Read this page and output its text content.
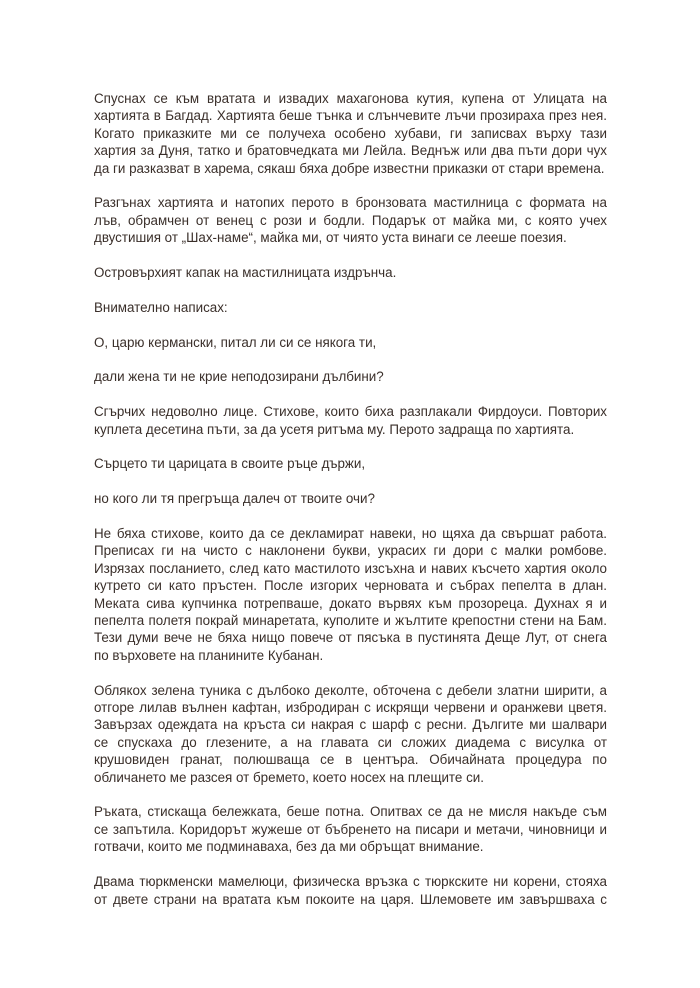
Спуснах се към вратата и извадих махагонова кутия, купена от Улицата на
хартията в Багдад. Хартията беше тънка и слънчевите лъчи прозираха през нея.
Когато приказките ми се получеха особено хубави, ги записвах върху тази
хартия за Дуня, татко и братовчедката ми Лейла. Веднъж или два пъти дори чух
да ги разказват в харема, сякаш бяха добре известни приказки от стари времена.

Разгънах хартията и натопих перото в бронзовата мастилница с формата на
лъв, обрамчен от венец с рози и бодли. Подарък от майка ми, с която учех
двустишия от „Шах-наме“, майка ми, от чиято уста винаги се лееше поезия.

Островърхият капак на мастилницата издрънча.

Внимателно написах:

О, царю кермански, питал ли си се някога ти,

дали жена ти не крие неподозирани дълбини?

Сгърчих недоволно лице. Стихове, които биха разплакали Фирдоуси. Повторих
куплета десетина пъти, за да усетя ритъма му. Перото задраща по хартията.

Сърцето ти царицата в своите ръце държи,

но кого ли тя прегръща далеч от твоите очи?

Не бяха стихове, които да се декламират навеки, но щяха да свършат работа.
Преписах ги на чисто с наклонени букви, украсих ги дори с малки ромбове.
Изрязах посланието, след като мастилото изсъхна и навих късчето хартия около
кутрето си като пръстен. После изгорих черновата и събрах пепелта в длан.
Меката сива купчинка потрепваше, докато вървях към прозореца. Духнах я и
пепелта полетя покрай минаретата, куполите и жълтите крепостни стени на Бам.
Тези думи вече не бяха нищо повече от пясъка в пустинята Деще Лут, от снега
по върховете на планините Кубанан.

Облякох зелена туника с дълбоко деколте, обточена с дебели златни ширити, а
отгоре лилав вълнен кафтан, избродиран с искрящи червени и оранжеви цветя.
Завързах одеждата на кръста си накрая с шарф с ресни. Дългите ми шалвари
се спускаха до глезените, а на главата си сложих диадема с висулка от
крушовиден гранат, полюшваща се в центъра. Обичайната процедура по
обличането ме разсея от бремето, което носех на плещите си.

Ръката, стискаща бележката, беше потна. Опитвах се да не мисля накъде съм
се запътила. Коридорът жужеше от бъбренето на писари и метачи, чиновници и
готвачи, които ме подминаваха, без да ми обръщат внимание.

Двама тюркменски мамелюци, физическа връзка с тюркските ни корени, стояха
от двете страни на вратата към покоите на царя. Шлемовете им завършваха с
